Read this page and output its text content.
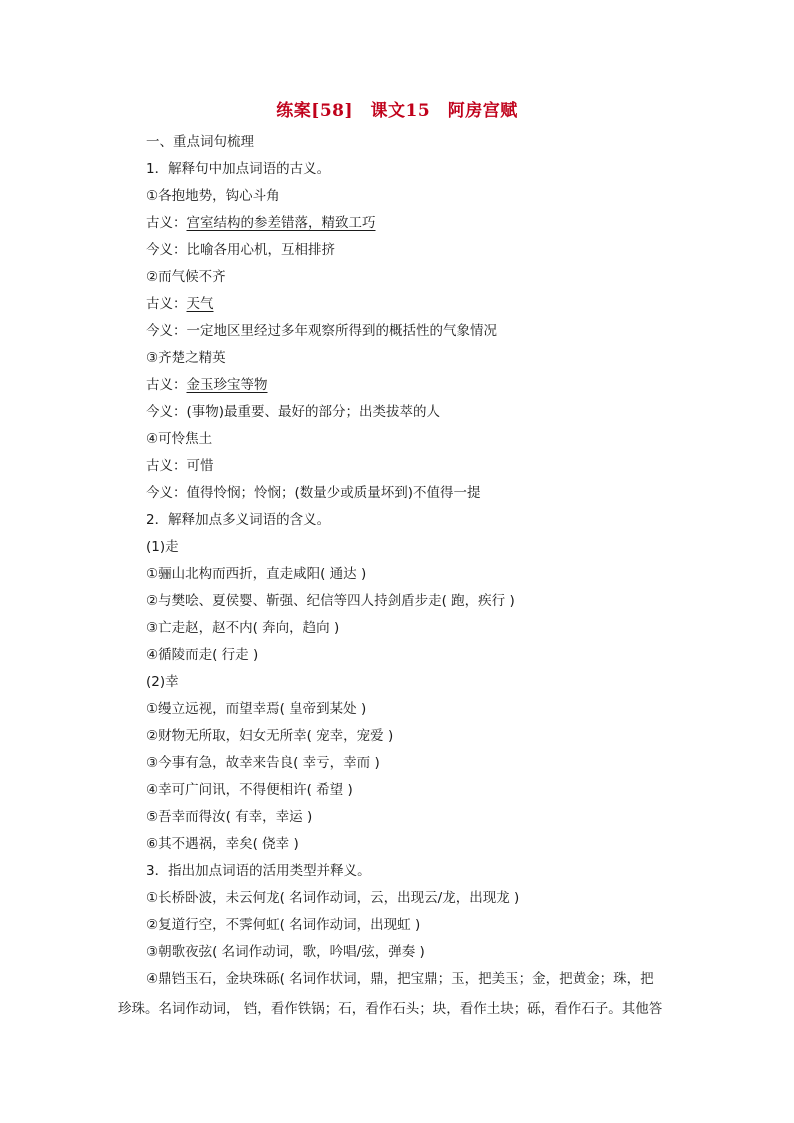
练案[58]　课文15　阿房宫赋
一、重点词句梳理
1．解释句中加点词语的古义。
①各抱地势，钩心斗角
古义：宫室结构的参差错落，精致工巧
今义：比喻各用心机，互相排挤
②而气候不齐
古义：天气
今义：一定地区里经过多年观察所得到的概括性的气象情况
③齐楚之精英
古义：金玉珍宝等物
今义：(事物)最重要、最好的部分；出类拔萃的人
④可怜焦土
古义：可惜
今义：值得怜悯；怜悯；(数量少或质量坏到)不值得一提
2．解释加点多义词语的含义。
(1)走
①骊山北构而西折，直走咸阳( 通达 )
②与樊哙、夏侯婴、靳强、纪信等四人持剑盾步走( 跑，疾行 )
③亡走赵，赵不内( 奔向，趋向 )
④循陵而走( 行走 )
(2)幸
①缦立远视，而望幸焉( 皇帝到某处 )
②财物无所取，妇女无所幸( 宠幸，宠爱 )
③今事有急，故幸来告良( 幸亏，幸而 )
④幸可广问讯，不得便相许( 希望 )
⑤吾幸而得汝( 有幸，幸运 )
⑥其不遇祸，幸矣( 侥幸 )
3．指出加点词语的活用类型并释义。
①长桥卧波，未云何龙( 名词作动词，云，出现云/龙，出现龙 )
②复道行空，不霁何虹( 名词作动词，出现虹 )
③朝歌夜弦( 名词作动词，歌，吟唱/弦，弹奏 )
④鼎铛玉石，金块珠砾( 名词作状词，鼎，把宝鼎；玉，把美玉；金，把黄金；珠，把
珍珠。名词作动词， 铛，看作铁锅；石，看作石头；块，看作土块；砾，看作石子。其他答
